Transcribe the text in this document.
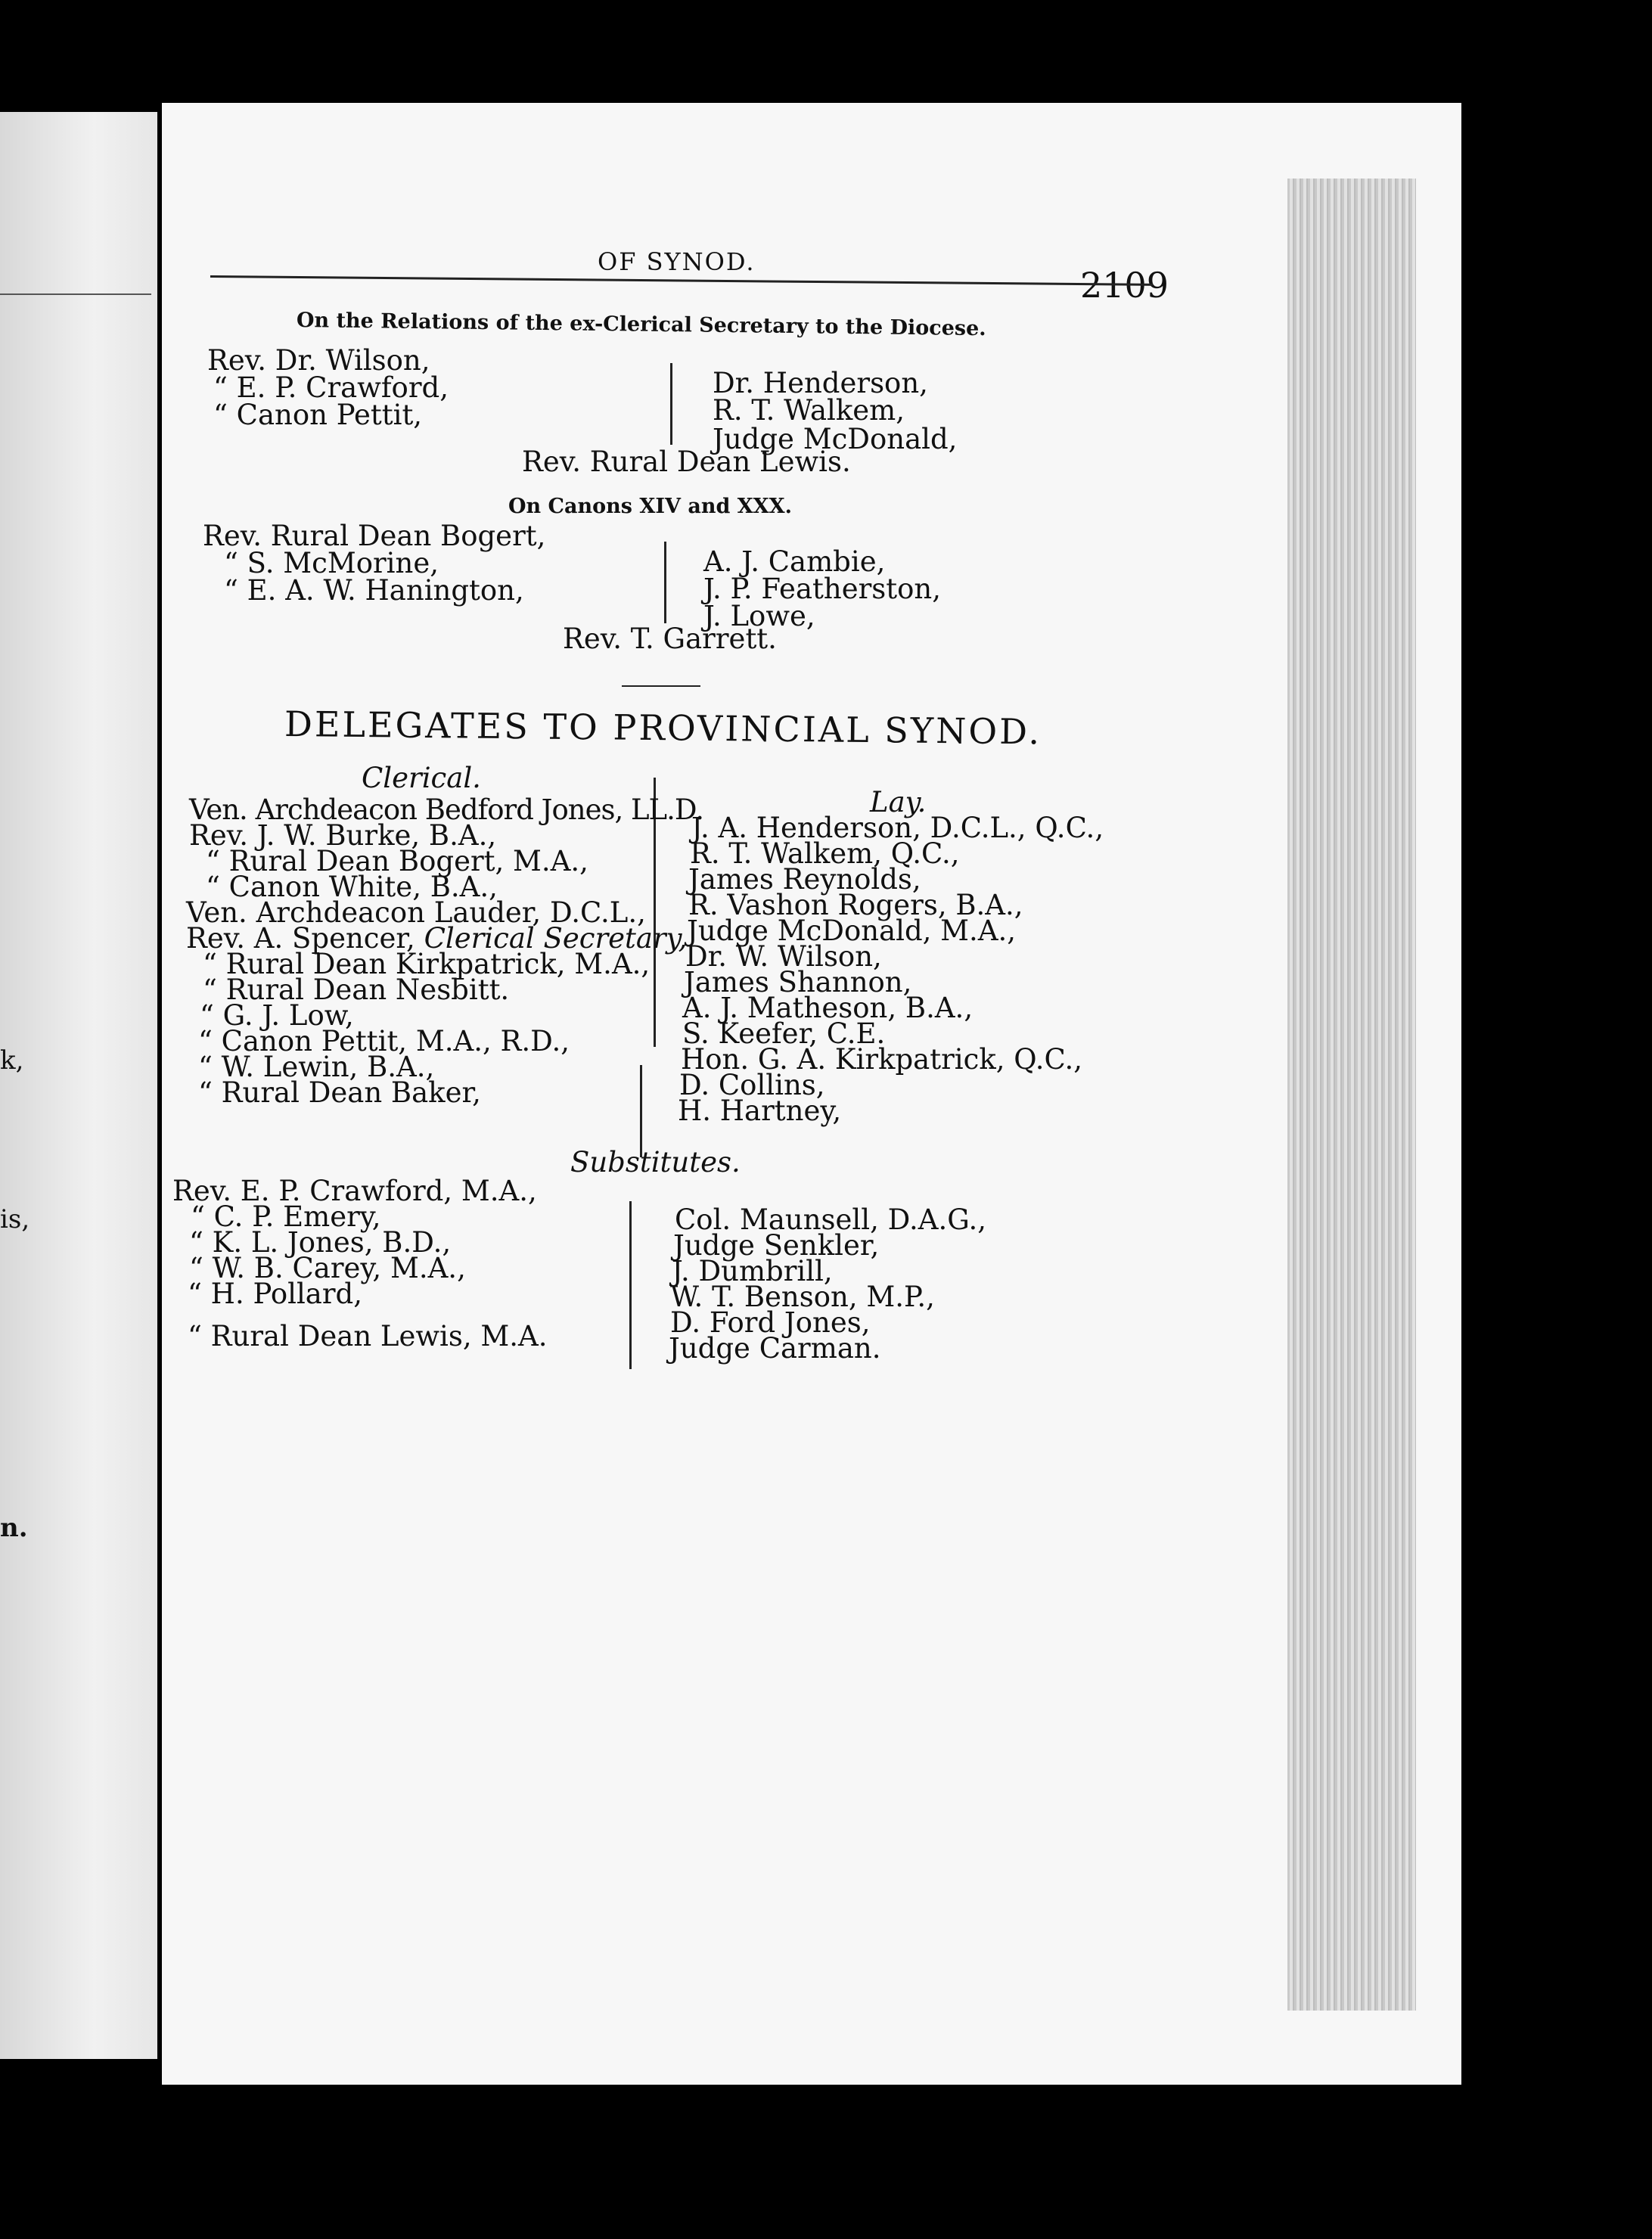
k,
is,
n.
OF SYNOD.
2109
On the Relations of the ex-Clerical Secretary to the Diocese.
Rev. Dr. Wilson,
“ E. P. Crawford,
“ Canon Pettit,
Dr. Henderson,
R. T. Walkem,
Judge McDonald,
Rev. Rural Dean Lewis.
On Canons XIV and XXX.
Rev. Rural Dean Bogert,
“ S. McMorine,
“ E. A. W. Hanington,
A. J. Cambie,
J. P. Featherston,
J. Lowe,
Rev. T. Garrett.
DELEGATES TO PROVINCIAL SYNOD.
Clerical.
Lay.
Ven. Archdeacon Bedford Jones, LL.D.
Rev. J. W. Burke, B.A.,
“ Rural Dean Bogert, M.A.,
“ Canon White, B.A.,
Ven. Archdeacon Lauder, D.C.L.,
Rev. A. Spencer, Clerical Secretary,
“ Rural Dean Kirkpatrick, M.A.,
“ Rural Dean Nesbitt.
“ G. J. Low,
“ Canon Pettit, M.A., R.D.,
“ W. Lewin, B.A.,
“ Rural Dean Baker,
J. A. Henderson, D.C.L., Q.C.,
R. T. Walkem, Q.C.,
James Reynolds,
R. Vashon Rogers, B.A.,
Judge McDonald, M.A.,
Dr. W. Wilson,
James Shannon,
A. J. Matheson, B.A.,
S. Keefer, C.E.
Hon. G. A. Kirkpatrick, Q.C.,
D. Collins,
H. Hartney,
Substitutes.
Rev. E. P. Crawford, M.A.,
“ C. P. Emery,
“ K. L. Jones, B.D.,
“ W. B. Carey, M.A.,
“ H. Pollard,
“ Rural Dean Lewis, M.A.
Col. Maunsell, D.A.G.,
Judge Senkler,
J. Dumbrill,
W. T. Benson, M.P.,
D. Ford Jones,
Judge Carman.
